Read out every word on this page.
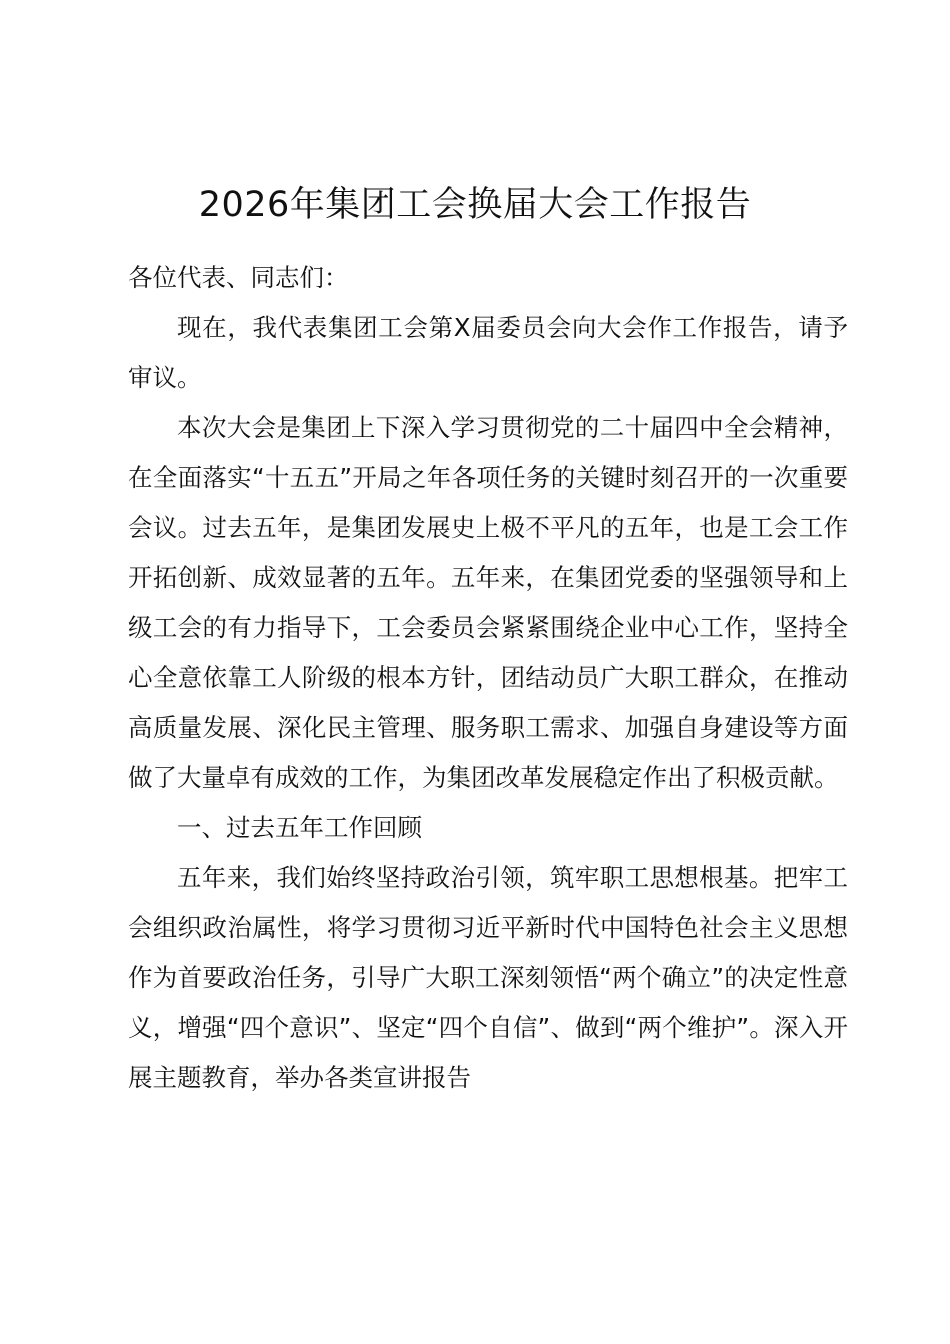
2026年集团工会换届大会工作报告

各位代表、同志们：

现在，我代表集团工会第X届委员会向大会作工作报告，请予审议。

本次大会是集团上下深入学习贯彻党的二十届四中全会精神，在全面落实“十五五”开局之年各项任务的关键时刻召开的一次重要会议。过去五年，是集团发展史上极不平凡的五年，也是工会工作开拓创新、成效显著的五年。五年来，在集团党委的坚强领导和上级工会的有力指导下，工会委员会紧紧围绕企业中心工作，坚持全心全意依靠工人阶级的根本方针，团结动员广大职工群众，在推动高质量发展、深化民主管理、服务职工需求、加强自身建设等方面做了大量卓有成效的工作，为集团改革发展稳定作出了积极贡献。

一、过去五年工作回顾

五年来，我们始终坚持政治引领，筑牢职工思想根基。把牢工会组织政治属性，将学习贯彻习近平新时代中国特色社会主义思想作为首要政治任务，引导广大职工深刻领悟“两个确立”的决定性意义，增强“四个意识”、坚定“四个自信”、做到“两个维护”。深入开展主题教育，举办各类宣讲报告
